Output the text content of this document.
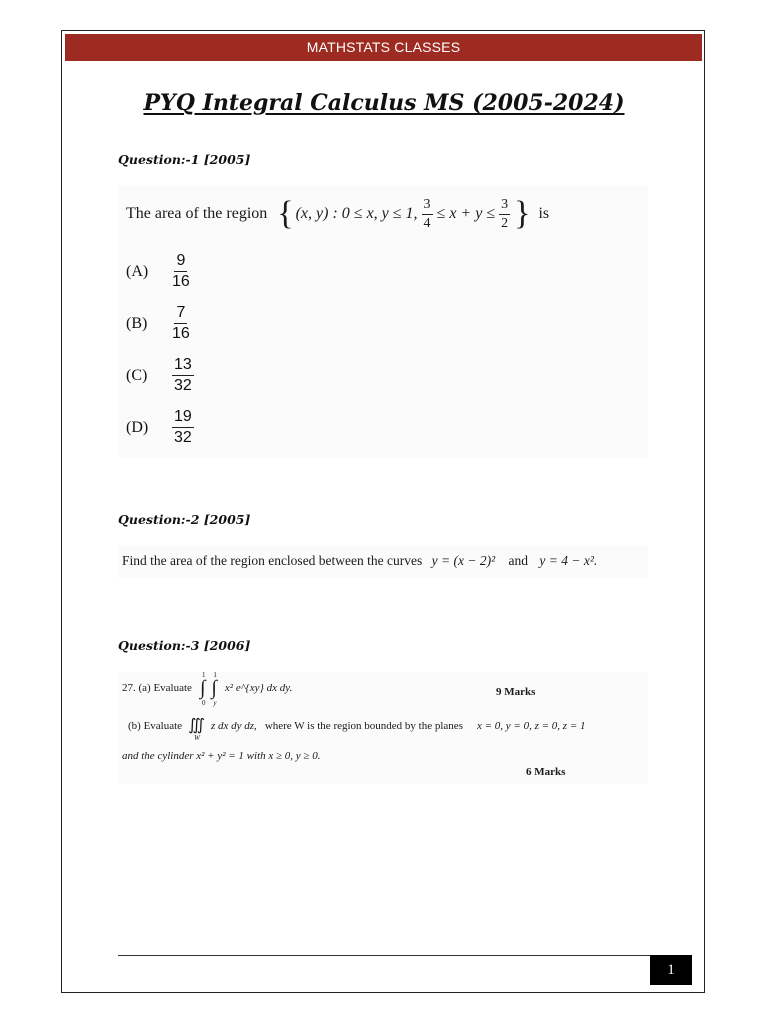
MATHSTATS CLASSES
PYQ Integral Calculus MS (2005-2024)
Question:-1 [2005]
The area of the region { (x, y) : 0 ≤ x, y ≤ 1, $\frac{3}{4} \le x + y \le \frac{3}{2}$ } is
(A)	$\frac{9}{16}$
(B)	$\frac{7}{16}$
(C)	$\frac{13}{32}$
(D)	$\frac{19}{32}$
Question:-2 [2005]
Find the area of the region enclosed between the curves y = (x − 2)² and y = 4 − x².
Question:-3 [2006]
27. (a) Evaluate ∫
1
0
∫
1
y
x² e^{xy} dx dy.	9 Marks
(b) Evaluate ∭
W
z dx dy dz, where W is the region bounded by the planes x = 0, y = 0, z = 0, z = 1
and the cylinder x² + y² = 1 with x ≥ 0, y ≥ 0.
6 Marks
1
